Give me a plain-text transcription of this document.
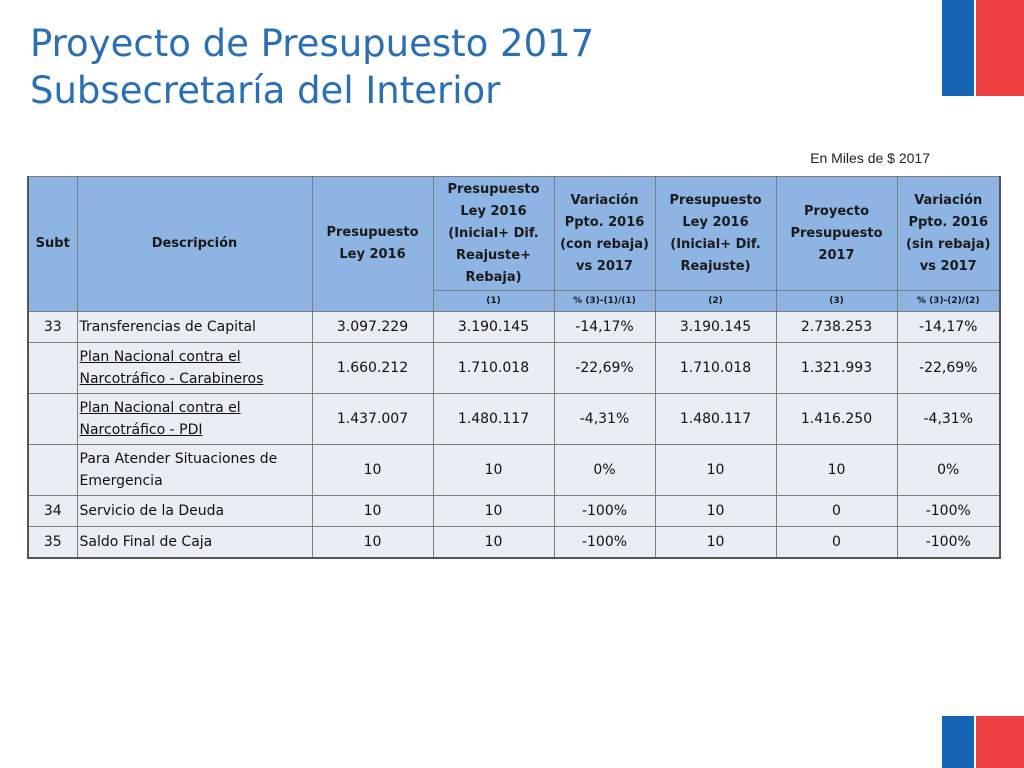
Proyecto de Presupuesto 2017
Subsecretaría del Interior
En Miles de $ 2017
Subt	Descripción	Presupuesto Ley 2016	Presupuesto Ley 2016 (Inicial+ Dif. Reajuste+ Rebaja)	Variación Ppto. 2016 (con rebaja) vs 2017	Presupuesto Ley 2016 (Inicial+ Dif. Reajuste)	Proyecto Presupuesto 2017	Variación Ppto. 2016 (sin rebaja) vs 2017
			(1)	% (3)-(1)/(1)	(2)	(3)	% (3)-(2)/(2)
33	Transferencias de Capital	3.097.229	3.190.145	-14,17%	3.190.145	2.738.253	-14,17%
	Plan Nacional contra el Narcotráfico - Carabineros	1.660.212	1.710.018	-22,69%	1.710.018	1.321.993	-22,69%
	Plan Nacional contra el Narcotráfico - PDI	1.437.007	1.480.117	-4,31%	1.480.117	1.416.250	-4,31%
	Para Atender Situaciones de Emergencia	10	10	0%	10	10	0%
34	Servicio de la Deuda	10	10	-100%	10	0	-100%
35	Saldo Final de Caja	10	10	-100%	10	0	-100%
